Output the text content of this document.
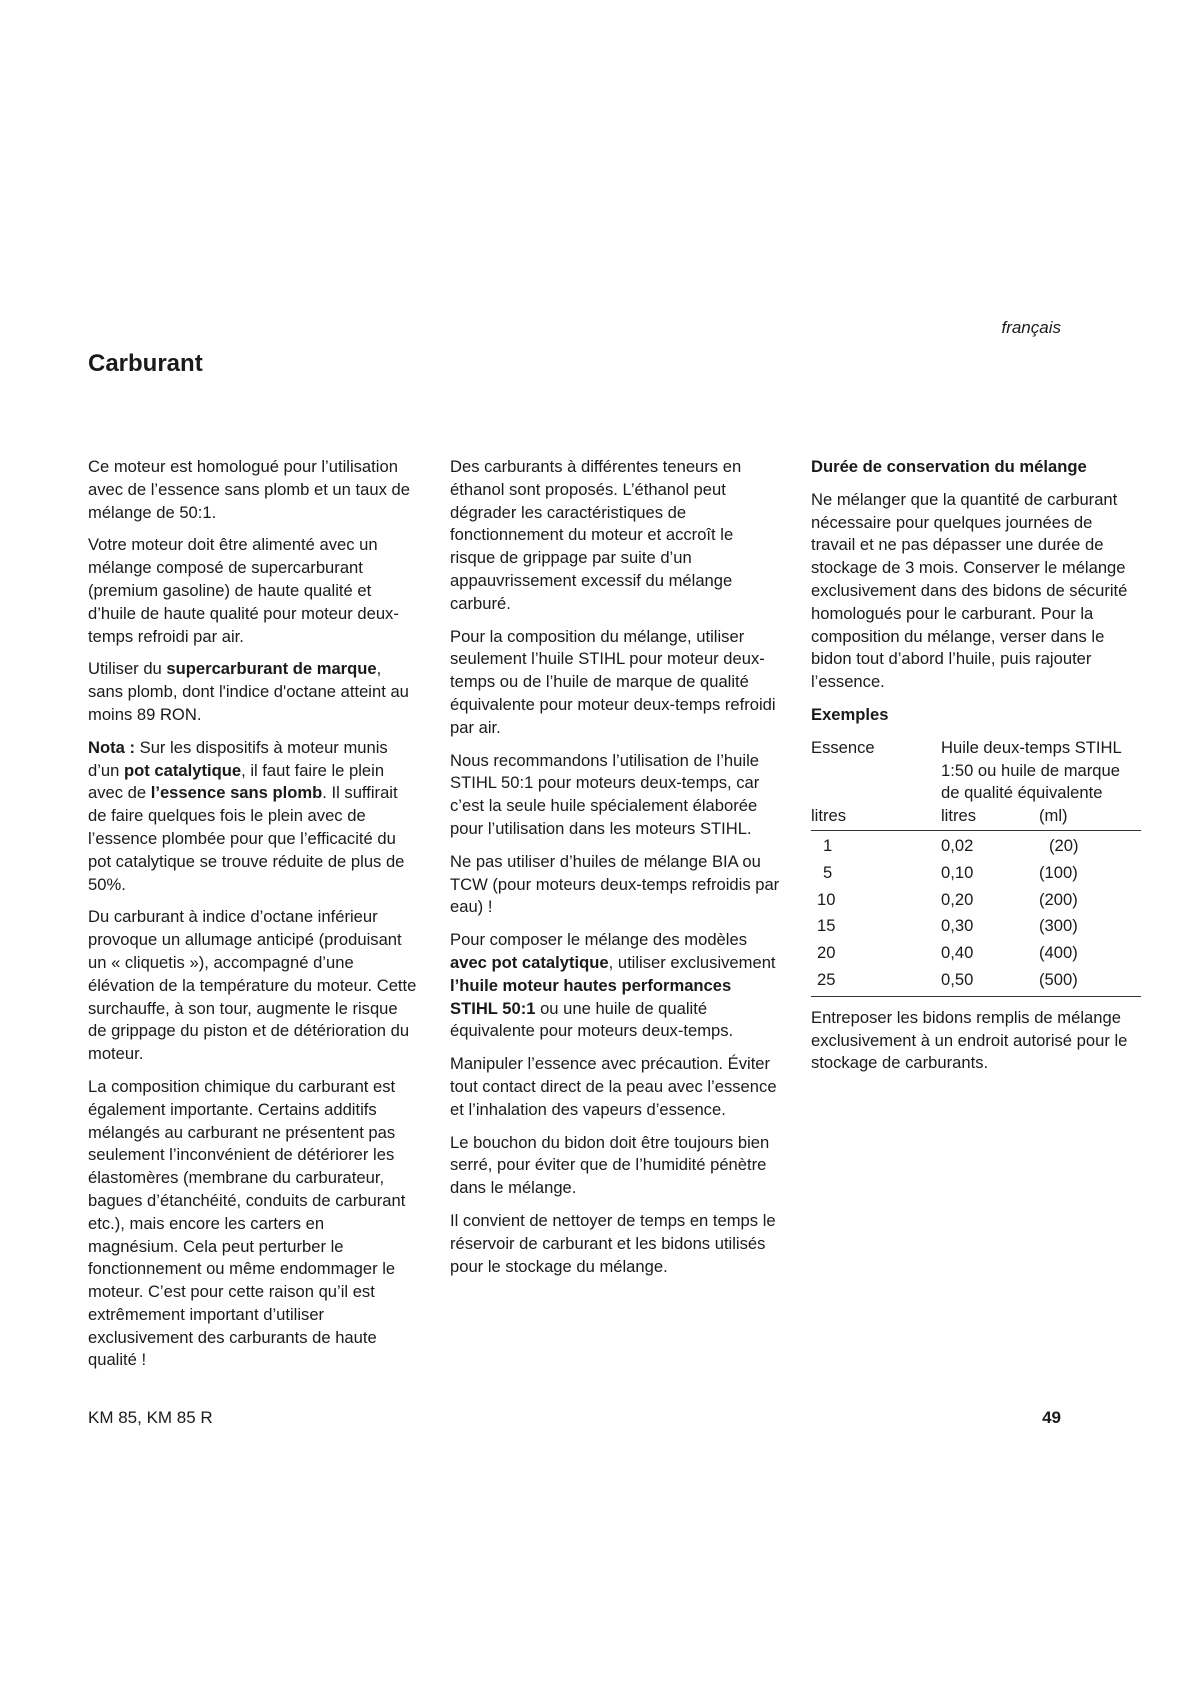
français
Carburant

Ce moteur est homologué pour l’utilisation avec de l’essence sans plomb et un taux de mélange de 50:1.

Votre moteur doit être alimenté avec un mélange composé de supercarburant (premium gasoline) de haute qualité et d’huile de haute qualité pour moteur deux-temps refroidi par air.

Utiliser du supercarburant de marque, sans plomb, dont l'indice d'octane atteint au moins 89 RON.

Nota : Sur les dispositifs à moteur munis d’un pot catalytique, il faut faire le plein avec de l’essence sans plomb. Il suffirait de faire quelques fois le plein avec de l’essence plombée pour que l’efficacité du pot catalytique se trouve réduite de plus de 50%.

Du carburant à indice d’octane inférieur provoque un allumage anticipé (produisant un « cliquetis »), accompagné d’une élévation de la température du moteur. Cette surchauffe, à son tour, augmente le risque de grippage du piston et de détérioration du moteur.

La composition chimique du carburant est également importante. Certains additifs mélangés au carburant ne présentent pas seulement l’inconvénient de détériorer les élastomères (membrane du carburateur, bagues d’étanchéité, conduits de carburant etc.), mais encore les carters en magnésium. Cela peut perturber le fonctionnement ou même endommager le moteur. C’est pour cette raison qu’il est extrêmement important d’utiliser exclusivement des carburants de haute qualité !

Des carburants à différentes teneurs en éthanol sont proposés. L’éthanol peut dégrader les caractéristiques de fonctionnement du moteur et accroît le risque de grippage par suite d’un appauvrissement excessif du mélange carburé.

Pour la composition du mélange, utiliser seulement l’huile STIHL pour moteur deux-temps ou de l’huile de marque de qualité équivalente pour moteur deux-temps refroidi par air.

Nous recommandons l’utilisation de l’huile STIHL 50:1 pour moteurs deux-temps, car c’est la seule huile spécialement élaborée pour l’utilisation dans les moteurs STIHL.

Ne pas utiliser d’huiles de mélange BIA ou TCW (pour moteurs deux-temps refroidis par eau) !

Pour composer le mélange des modèles avec pot catalytique, utiliser exclusivement l’huile moteur hautes performances STIHL 50:1 ou une huile de qualité équivalente pour moteurs deux-temps.

Manipuler l’essence avec précaution. Éviter tout contact direct de la peau avec l’essence et l’inhalation des vapeurs d’essence.

Le bouchon du bidon doit être toujours bien serré, pour éviter que de l’humidité pénètre dans le mélange.

Il convient de nettoyer de temps en temps le réservoir de carburant et les bidons utilisés pour le stockage du mélange.

Durée de conservation du mélange

Ne mélanger que la quantité de carburant nécessaire pour quelques journées de travail et ne pas dépasser une durée de stockage de 3 mois. Conserver le mélange exclusivement dans des bidons de sécurité homologués pour le carburant. Pour la composition du mélange, verser dans le bidon tout d’abord l’huile, puis rajouter l’essence.

Exemples

Essence	Huile deux-temps STIHL 1:50 ou huile de marque de qualité équivalente	
litres	litres	(ml)
1	0,02	(20)
5	0,10	(100)
10	0,20	(200)
15	0,30	(300)
20	0,40	(400)
25	0,50	(500)

Entreposer les bidons remplis de mélange exclusivement à un endroit autorisé pour le stockage de carburants.

KM 85, KM 85 R	49
